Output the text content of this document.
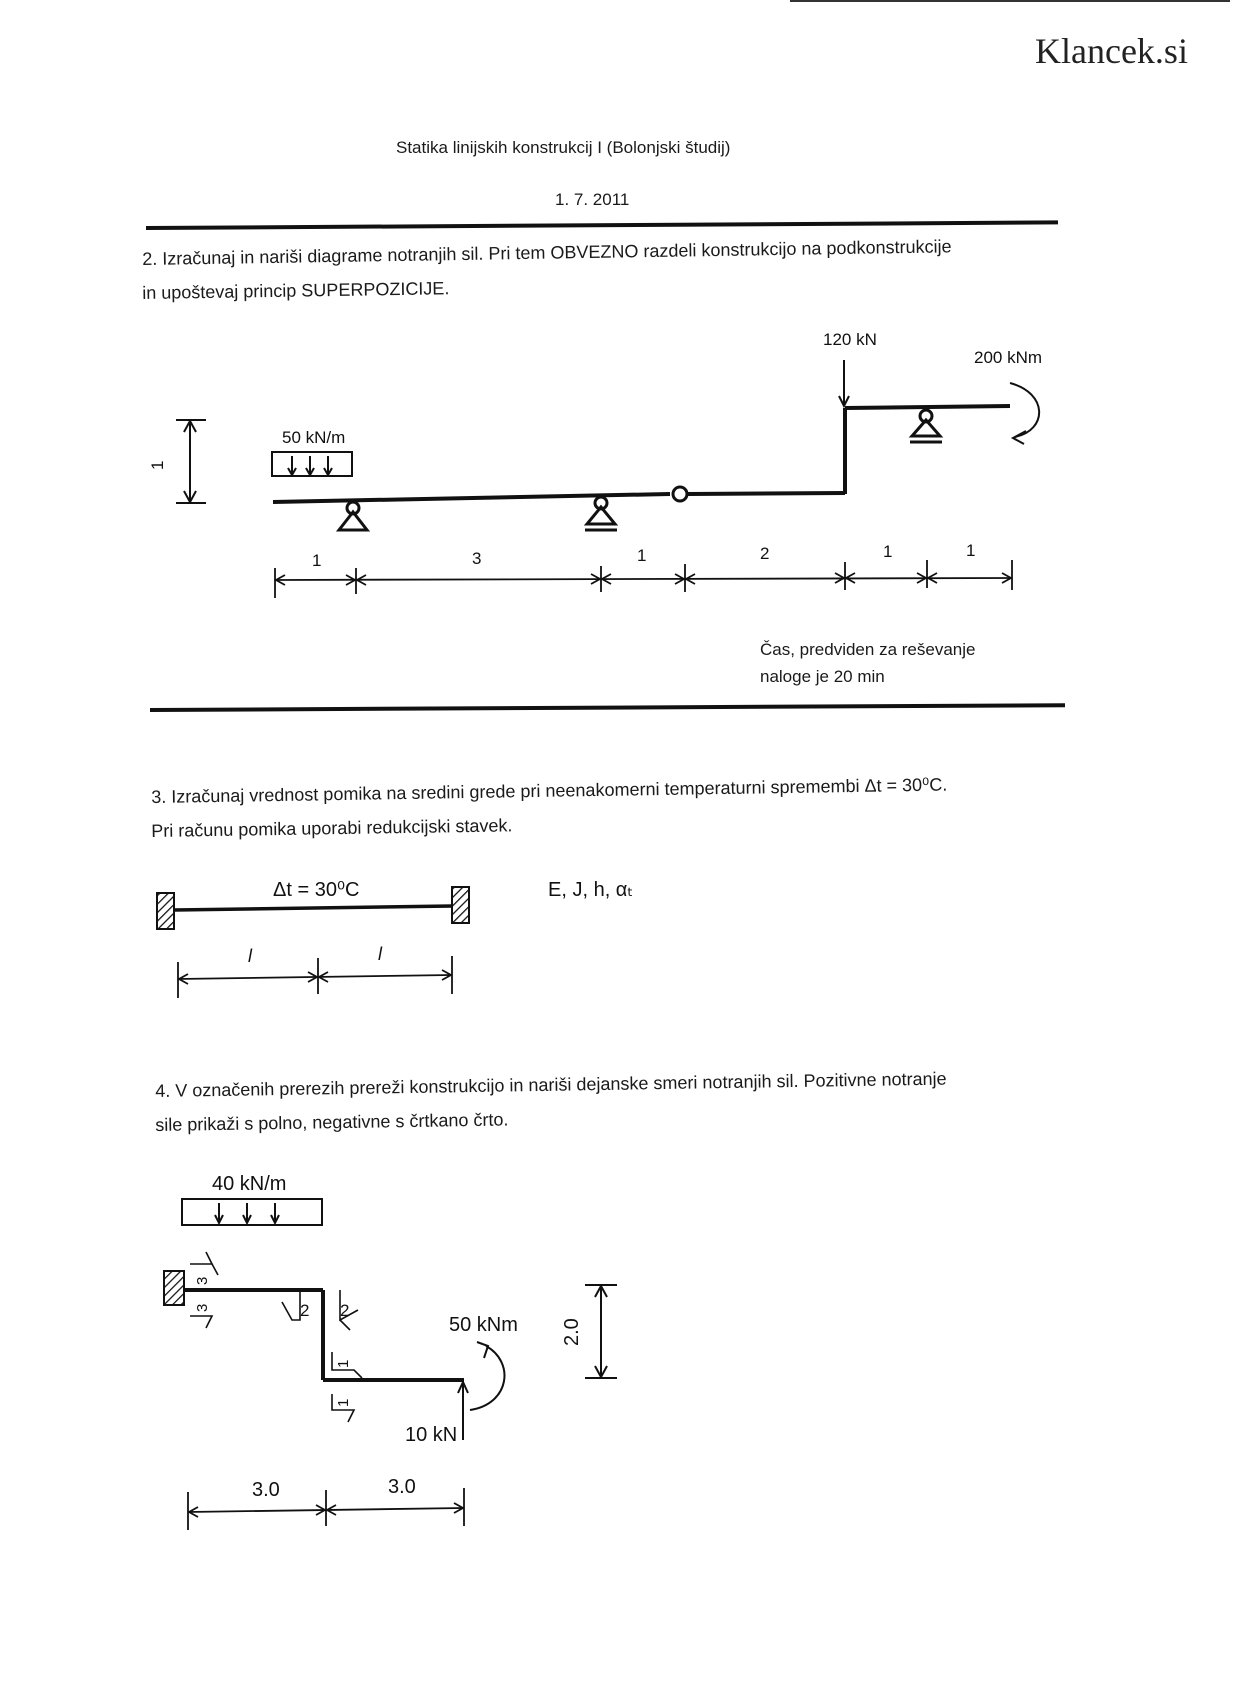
Klancek.si
Statika linijskih konstrukcij I (Bolonjski študij)
1. 7. 2011
2. Izračunaj in nariši diagrame notranjih sil. Pri tem OBVEZNO razdeli konstrukcijo na podkonstrukcije
in upoštevaj princip SUPERPOZICIJE.
1
50 kN/m
120 kN
200 kNm
1	3	1	2	1	1
Čas, predviden za reševanje
naloge je 20 min
3. Izračunaj vrednost pomika na sredini grede pri neenakomerni temperaturni spremembi Δt = 30⁰C.
Pri računu pomika uporabi redukcijski stavek.
Δt = 30⁰C	E, J, h, αₜ
l	l
4. V označenih prerezih prereži konstrukcijo in nariši dejanske smeri notranjih sil. Pozitivne notranje
sile prikaži s polno, negativne s črtkano črto.
40 kN/m
3
3	2 2
1
1
10 kN
50 kNm 2.0
3.0	3.0
